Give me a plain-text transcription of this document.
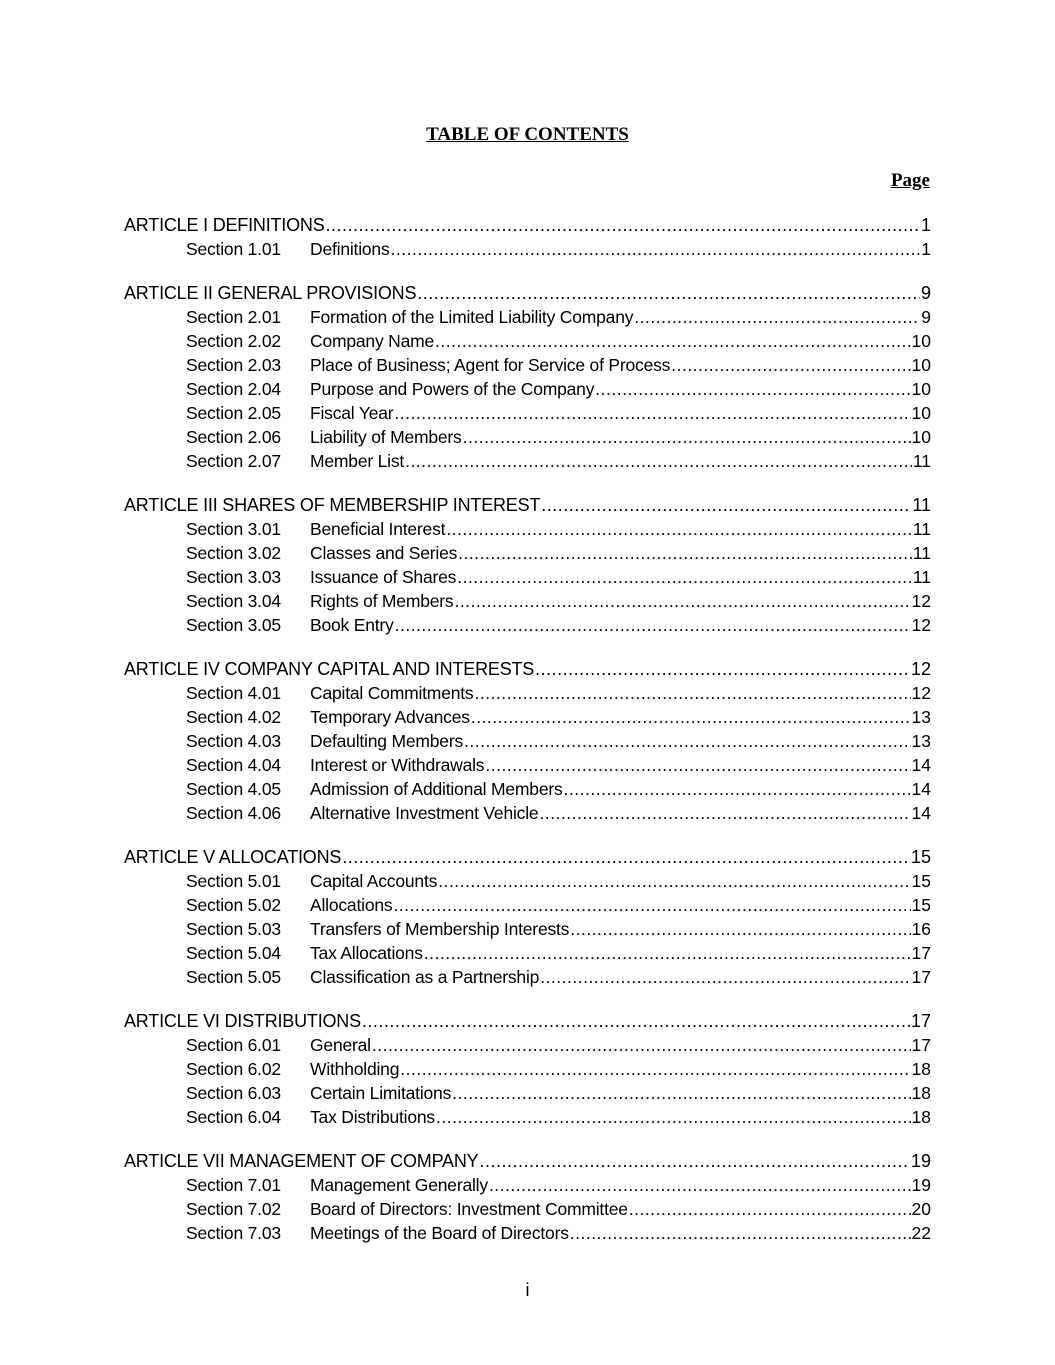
TABLE OF CONTENTS
Page
ARTICLE I DEFINITIONS .....	1
Section 1.01	Definitions .....	1
ARTICLE II GENERAL PROVISIONS .....	9
Section 2.01	Formation of the Limited Liability Company .....	9
Section 2.02	Company Name .....	10
Section 2.03	Place of Business; Agent for Service of Process .....	10
Section 2.04	Purpose and Powers of the Company .....	10
Section 2.05	Fiscal Year .....	10
Section 2.06	Liability of Members .....	10
Section 2.07	Member List .....	11
ARTICLE III SHARES OF MEMBERSHIP INTEREST .....	11
Section 3.01	Beneficial Interest .....	11
Section 3.02	Classes and Series .....	11
Section 3.03	Issuance of Shares .....	11
Section 3.04	Rights of Members .....	12
Section 3.05	Book Entry .....	12
ARTICLE IV COMPANY CAPITAL AND INTERESTS .....	12
Section 4.01	Capital Commitments .....	12
Section 4.02	Temporary Advances .....	13
Section 4.03	Defaulting Members .....	13
Section 4.04	Interest or Withdrawals .....	14
Section 4.05	Admission of Additional Members .....	14
Section 4.06	Alternative Investment Vehicle .....	14
ARTICLE V ALLOCATIONS .....	15
Section 5.01	Capital Accounts .....	15
Section 5.02	Allocations .....	15
Section 5.03	Transfers of Membership Interests .....	16
Section 5.04	Tax Allocations .....	17
Section 5.05	Classification as a Partnership .....	17
ARTICLE VI DISTRIBUTIONS .....	17
Section 6.01	General .....	17
Section 6.02	Withholding .....	18
Section 6.03	Certain Limitations .....	18
Section 6.04	Tax Distributions .....	18
ARTICLE VII MANAGEMENT OF COMPANY .....	19
Section 7.01	Management Generally .....	19
Section 7.02	Board of Directors: Investment Committee .....	20
Section 7.03	Meetings of the Board of Directors .....	22
i
